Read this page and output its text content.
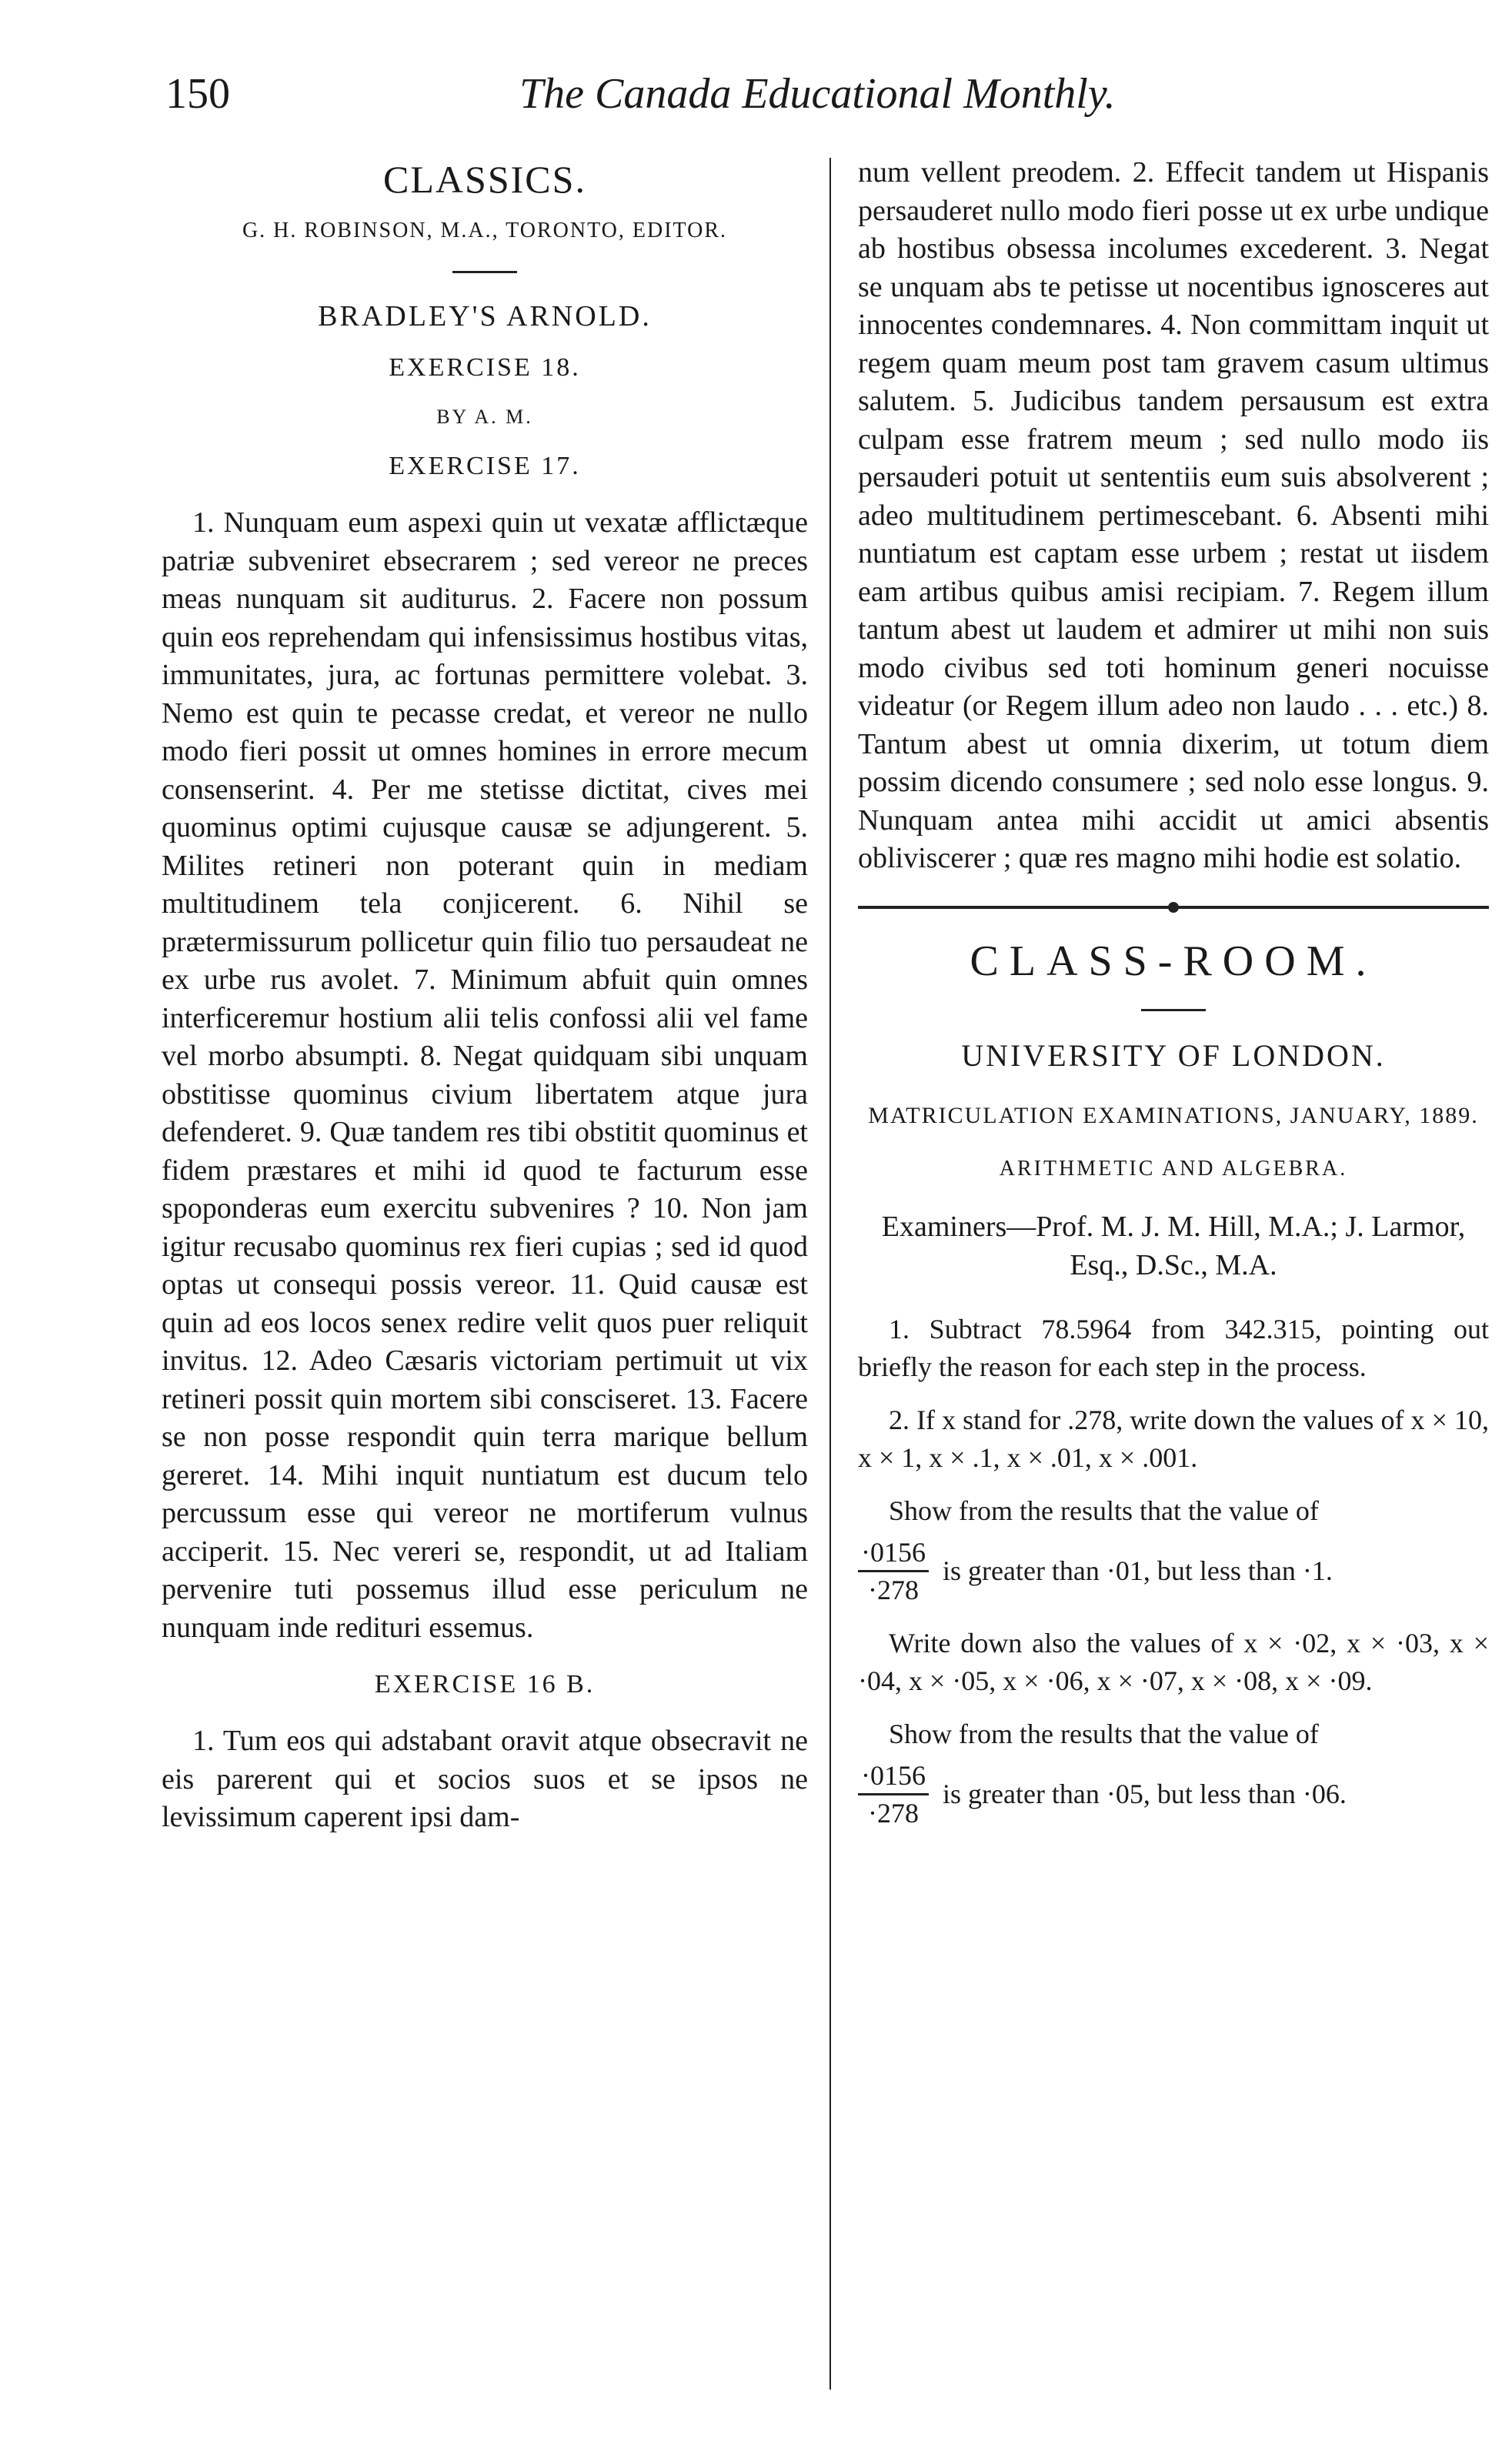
150	The Canada Educational Monthly.
CLASSICS.
G. H. ROBINSON, M.A., TORONTO, EDITOR.
BRADLEY'S ARNOLD.
EXERCISE 18.
BY A. M.
EXERCISE 17.

1. Nunquam eum aspexi quin ut vexatæ afflictæque patriæ subveniret ebsecrarem ; sed vereor ne preces meas nunquam sit auditurus. 2. Facere non possum quin eos reprehendam qui infensissimus hostibus vitas, immunitates, jura, ac fortunas permittere volebat. 3. Nemo est quin te pecasse credat, et vereor ne nullo modo fieri possit ut omnes homines in errore mecum consenserint. 4. Per me stetisse dictitat, cives mei quominus optimi cujusque causæ se adjungerent. 5. Milites retineri non poterant quin in mediam multitudinem tela conjicerent. 6. Nihil se prætermissurum pollicetur quin filio tuo persaudeat ne ex urbe rus avolet. 7. Minimum abfuit quin omnes interficeremur hostium alii telis confossi alii vel fame vel morbo absumpti. 8. Negat quidquam sibi unquam obstitisse quominus civium libertatem atque jura defenderet. 9. Quæ tandem res tibi obstitit quominus et fidem præstares et mihi id quod te facturum esse spoponderas eum exercitu subvenires ? 10. Non jam igitur recusabo quominus rex fieri cupias ; sed id quod optas ut consequi possis vereor. 11. Quid causæ est quin ad eos locos senex redire velit quos puer reliquit invitus. 12. Adeo Cæsaris victoriam pertimuit ut vix retineri possit quin mortem sibi consciseret. 13. Facere se non posse respondit quin terra marique bellum gereret. 14. Mihi inquit nuntiatum est ducum telo percussum esse qui vereor ne mortiferum vulnus acciperit. 15. Nec vereri se, respondit, ut ad Italiam pervenire tuti possemus illud esse periculum ne nunquam inde redituri essemus.

EXERCISE 16 B.

1. Tum eos qui adstabant oravit atque obsecravit ne eis parerent qui et socios suos et se ipsos ne levissimum caperent ipsi dam-

num vellent preodem. 2. Effecit tandem ut Hispanis persauderet nullo modo fieri posse ut ex urbe undique ab hostibus obsessa incolumes excederent. 3. Negat se unquam abs te petisse ut nocentibus ignosceres aut innocentes condemnares. 4. Non committam inquit ut regem quam meum post tam gravem casum ultimus salutem. 5. Judicibus tandem persausum est extra culpam esse fratrem meum ; sed nullo modo iis persauderi potuit ut sententiis eum suis absolverent ; adeo multitudinem pertimescebant. 6. Absenti mihi nuntiatum est captam esse urbem ; restat ut iisdem eam artibus quibus amisi recipiam. 7. Regem illum tantum abest ut laudem et admirer ut mihi non suis modo civibus sed toti hominum generi nocuisse videatur (or Regem illum adeo non laudo . . . etc.) 8. Tantum abest ut omnia dixerim, ut totum diem possim dicendo consumere ; sed nolo esse longus. 9. Nunquam antea mihi accidit ut amici absentis obliviscerer ; quæ res magno mihi hodie est solatio.

CLASS-ROOM.
UNIVERSITY OF LONDON.
MATRICULATION EXAMINATIONS, JANUARY, 1889.
ARITHMETIC AND ALGEBRA.
Examiners—Prof. M. J. M. Hill, M.A.; J. Larmor, Esq., D.Sc., M.A.

1. Subtract 78.5964 from 342.315, pointing out briefly the reason for each step in the process.

2. If x stand for .278, write down the values of x × 10, x × 1, x × .1, x × .01, x × .001.

Show from the results that the value of

$\frac{\cdot 0156}{\cdot 278}$ is greater than ·01, but less than ·1.

Write down also the values of x × ·02, x × ·03, x × ·04, x × ·05, x × ·06, x × ·07, x × ·08, x × ·09.

Show from the results that the value of

$\frac{\cdot 0156}{\cdot 278}$ is greater than ·05, but less than ·06.
